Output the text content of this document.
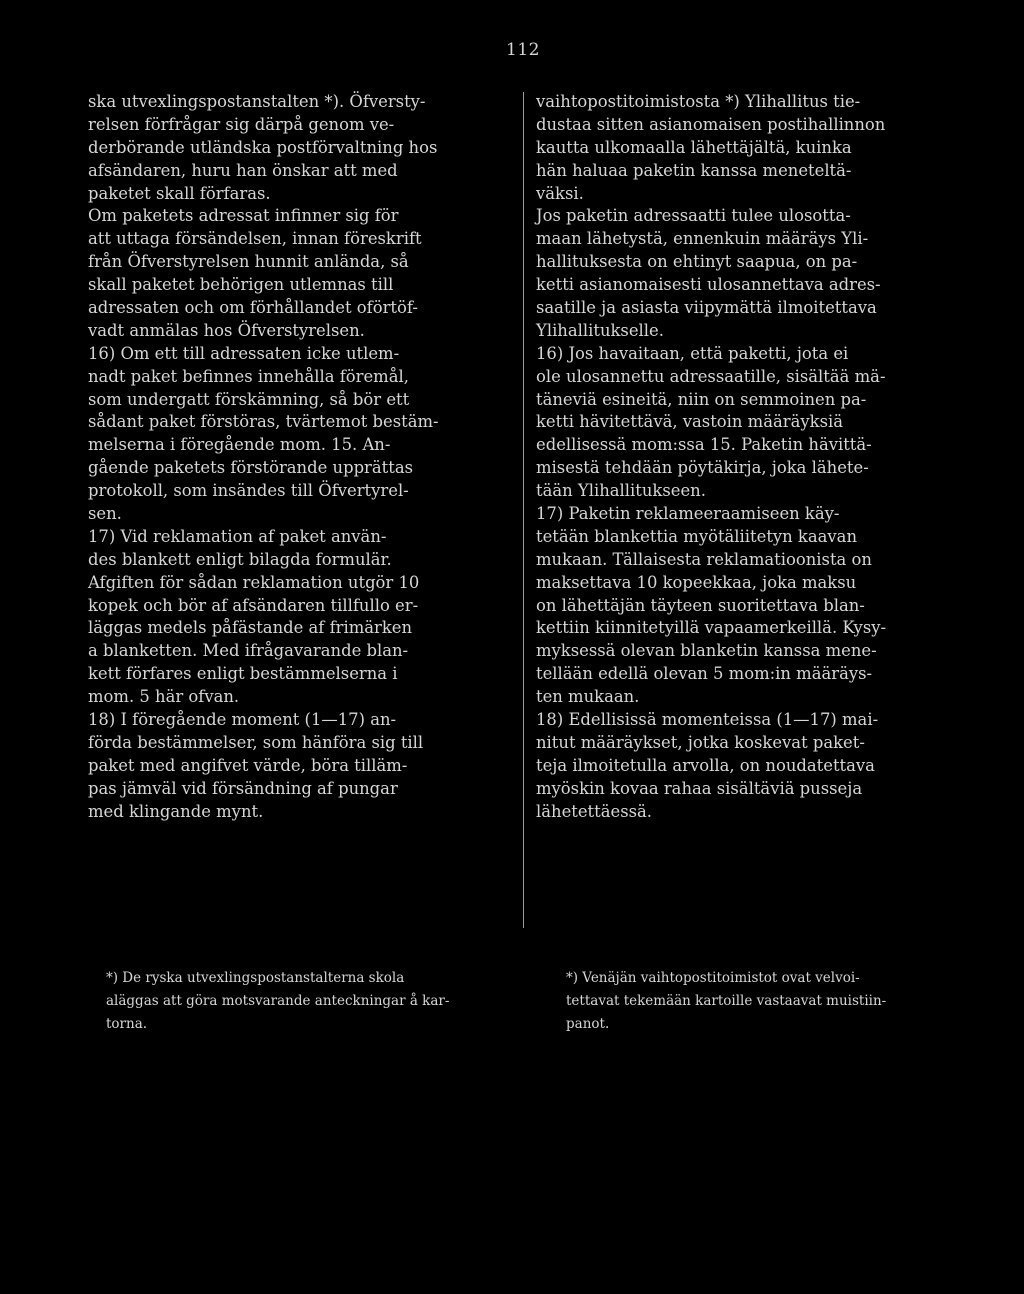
112
ska utvexlingspostanstalten *). Öfversty-
relsen förfrågar sig därpå genom ve-
derbörande utländska postförvaltning hos
afsändaren, huru han önskar att med
paketet skall förfaras.
Om paketets adressat infinner sig för
att uttaga försändelsen, innan föreskrift
från Öfverstyrelsen hunnit anlända, så
skall paketet behörigen utlemnas till
adressaten och om förhållandet oförtöf-
vadt anmälas hos Öfverstyrelsen.
16) Om ett till adressaten icke utlem-
nadt paket befinnes innehålla föremål,
som undergatt förskämning, så bör ett
sådant paket förstöras, tvärtemot bestäm-
melserna i föregående mom. 15. An-
gående paketets förstörande upprättas
protokoll, som insändes till Öfvertyrel-
sen.
17) Vid reklamation af paket använ-
des blankett enligt bilagda formulär.
Afgiften för sådan reklamation utgör 10
kopek och bör af afsändaren tillfullo er-
läggas medels påfästande af frimärken
a blanketten. Med ifrågavarande blan-
kett förfares enligt bestämmelserna i
mom. 5 här ofvan.
18) I föregående moment (1—17) an-
förda bestämmelser, som hänföra sig till
paket med angifvet värde, böra tilläm-
pas jämväl vid försändning af pungar
med klingande mynt.
vaihtopostitoimistosta *) Ylihallitus tie-
dustaa sitten asianomaisen postihallinnon
kautta ulkomaalla lähettäjältä, kuinka
hän haluaa paketin kanssa meneteltä-
väksi.
Jos paketin adressaatti tulee ulosotta-
maan lähetystä, ennenkuin määräys Yli-
hallituksesta on ehtinyt saapua, on pa-
ketti asianomaisesti ulosannettava adres-
saatille ja asiasta viipymättä ilmoitettava
Ylihallitukselle.
16) Jos havaitaan, että paketti, jota ei
ole ulosannettu adressaatille, sisältää mä-
täneviä esineitä, niin on semmoinen pa-
ketti hävitettävä, vastoin määräyksiä
edellisessä mom:ssa 15. Paketin hävittä-
misestä tehdään pöytäkirja, joka lähete-
tään Ylihallitukseen.
17) Paketin reklameeraamiseen käy-
tetään blankettia myötäliitetyn kaavan
mukaan. Tällaisesta reklamatioonista on
maksettava 10 kopeekkaa, joka maksu
on lähettäjän täyteen suoritettava blan-
kettiin kiinnitetyillä vapaamerkeillä. Kysy-
myksessä olevan blanketin kanssa mene-
tellään edellä olevan 5 mom:in määräys-
ten mukaan.
18) Edellisissä momenteissa (1—17) mai-
nitut määräykset, jotka koskevat paket-
teja ilmoitetulla arvolla, on noudatettava
myöskin kovaa rahaa sisältäviä pusseja
lähetettäessä.
*) De ryska utvexlingspostanstalterna skola
aläggas att göra motsvarande anteckningar å kar-
torna.
*) Venäjän vaihtopostitoimistot ovat velvoi-
tettavat tekemään kartoille vastaavat muistiin-
panot.
